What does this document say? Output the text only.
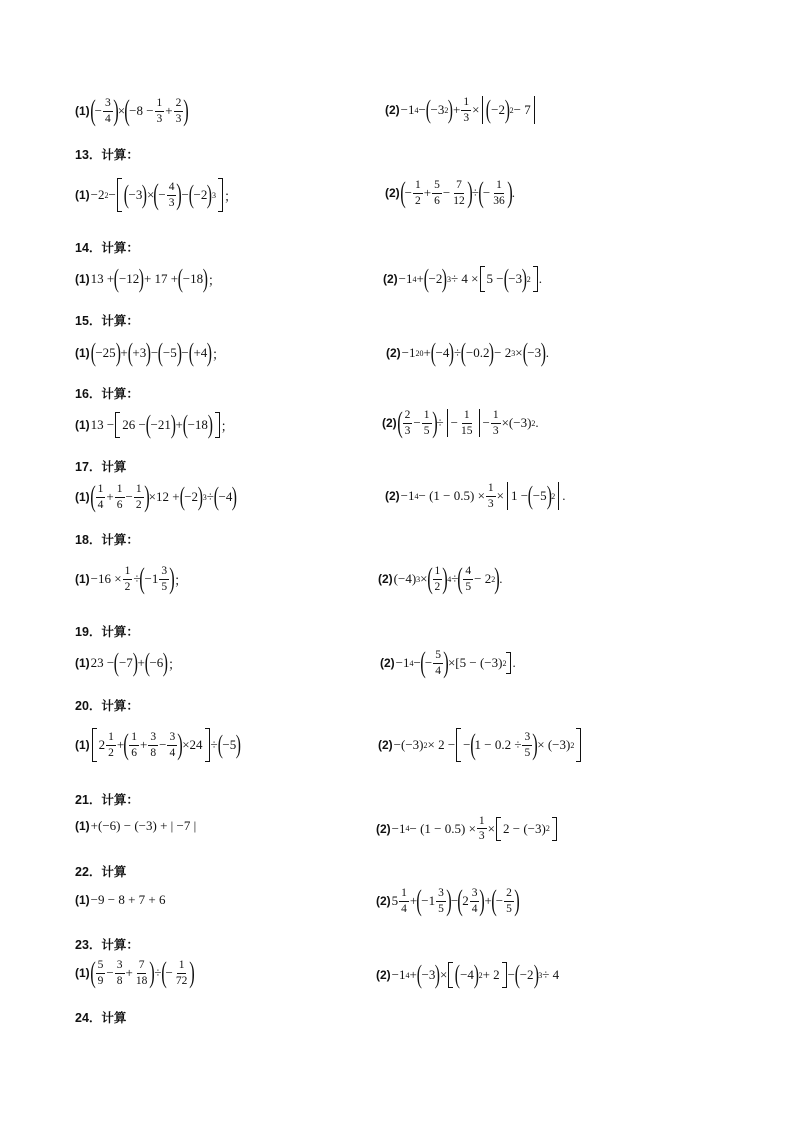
(1) ( − 3
4 ) × ( −8 − 1
3
+ 2
3 )	(2) −1 4 − ( −3 2 ) + 1
3
× ( −2 ) 2 − 7
13．计算：
(1) −2 2 − ( −3 ) × ( − 4
3 ) − ( −2 ) 3 ；	(2) ( − 1
2
+ 5
6
− 7
12 ) ÷ ( − 1
36 ) .
14．计算：
(1) 13 + ( −12 ) + 17 + ( −18 ) ；	(2) −1 4 + ( −2 ) 3 ÷ 4 × 5 − ( −3 ) 2 .
15．计算：
(1) ( −25 ) + ( +3 ) − ( −5 ) − ( +4 ) ；	(2) −1 20 + ( −4 ) ÷ ( −0.2 ) − 2 3 × ( −3 ) .
16．计算：
(1) 13 − 26 − ( −21 ) + ( −18 ) ；	(2) ( 2
3
− 1
5 ) ÷ − 1
15
− 1
3
×(−3) 2 .
17．计算
(1) ( 1
4
+ 1
6
− 1
2 ) ×12 + ( −2 ) 3 ÷ ( −4 )	(2) −1 4 − (1 − 0.5) × 1
3
× 1 − ( −5 ) 2 .
18．计算：
(1) −16 × 1
2
÷ ( −1 3
5 ) ；	(2) (−4) 3 × ( 1
2 ) 4 ÷ ( 4
5
− 2 2 ) .
19．计算：
(1) 23 − ( −7 ) + ( −6 ) ；	(2) −1 4 − ( − 5
4 ) ×[5 − (−3) 2 .
20．计算：
(1) 2 1
2
+ ( 1
6
+ 3
8
− 3
4 ) ×24 ÷ ( −5 )	(2) −(−3) 2 × 2 −
− ( 1 − 0.2 ÷ 3
5 ) × (−3) 2
21．计算：
(1) +(−6) − (−3) + | −7 |	(2) −1 4 − (1 − 0.5) × 1
3
× 2 − (−3) 2
22．计算
(1) −9 − 8 + 7 + 6	(2) 5 1
4
+ ( −1 3
5 ) − ( 2 3
4 ) + ( − 2
5 )
23．计算：
(1) ( 5
9
− 3
8
+ 7
18 ) ÷ ( − 1
72 )	(2) −1 4 + ( −3 ) × ( −4 ) 2 + 2 − ( −2 ) 3 ÷ 4
24．计算
